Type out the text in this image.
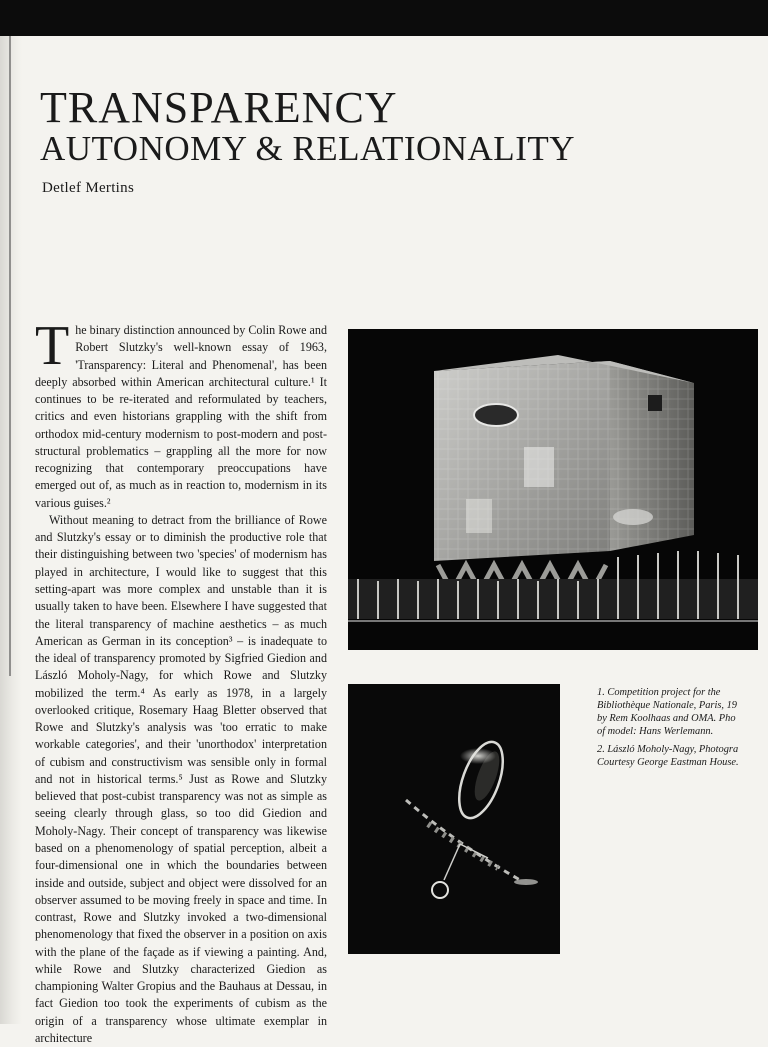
TRANSPARENCY
AUTONOMY & RELATIONALITY
Detlef Mertins

The binary distinction announced by Colin Rowe and Robert Slutzky's well-known essay of 1963, 'Transparency: Literal and Phenomenal', has been deeply absorbed within American architectural culture.¹ It continues to be re-iterated and reformulated by teachers, critics and even historians grappling with the shift from orthodox mid-century modernism to post-modern and post-structural problematics – grappling all the more for now recognizing that contemporary preoccupations have emerged out of, as much as in reaction to, modernism in its various guises.²

Without meaning to detract from the brilliance of Rowe and Slutzky's essay or to diminish the productive role that their distinguishing between two 'species' of modernism has played in architecture, I would like to suggest that this setting-apart was more complex and unstable than it is usually taken to have been. Elsewhere I have suggested that the literal transparency of machine aesthetics – as much American as German in its conception³ – is inadequate to the ideal of transparency promoted by Sigfried Giedion and László Moholy-Nagy, for which Rowe and Slutzky mobilized the term.⁴ As early as 1978, in a largely overlooked critique, Rosemary Haag Bletter observed that Rowe and Slutzky's analysis was 'too erratic to make workable categories', and their 'unorthodox' interpretation of cubism and constructivism was sensible only in formal and not in historical terms.⁵ Just as Rowe and Slutzky believed that post-cubist transparency was not as simple as seeing clearly through glass, so too did Giedion and Moholy-Nagy. Their concept of transparency was likewise based on a phenomenology of spatial perception, albeit a four-dimensional one in which the boundaries between inside and outside, subject and object were dissolved for an observer assumed to be moving freely in space and time. In contrast, Rowe and Slutzky invoked a two-dimensional phenomenology that fixed the observer in a position on axis with the plane of the façade as if viewing a painting. And, while Rowe and Slutzky characterized Giedion as championing Walter Gropius and the Bauhaus at Dessau, in fact Giedion too took the experiments of cubism as the origin of a transparency whose ultimate exemplar in architecture

1. Competition project for the
Bibliothèque Nationale, Paris, 19
by Rem Koolhaas and OMA. Pho
of model: Hans Werlemann.

2. László Moholy-Nagy, Photogra
Courtesy George Eastman House.
